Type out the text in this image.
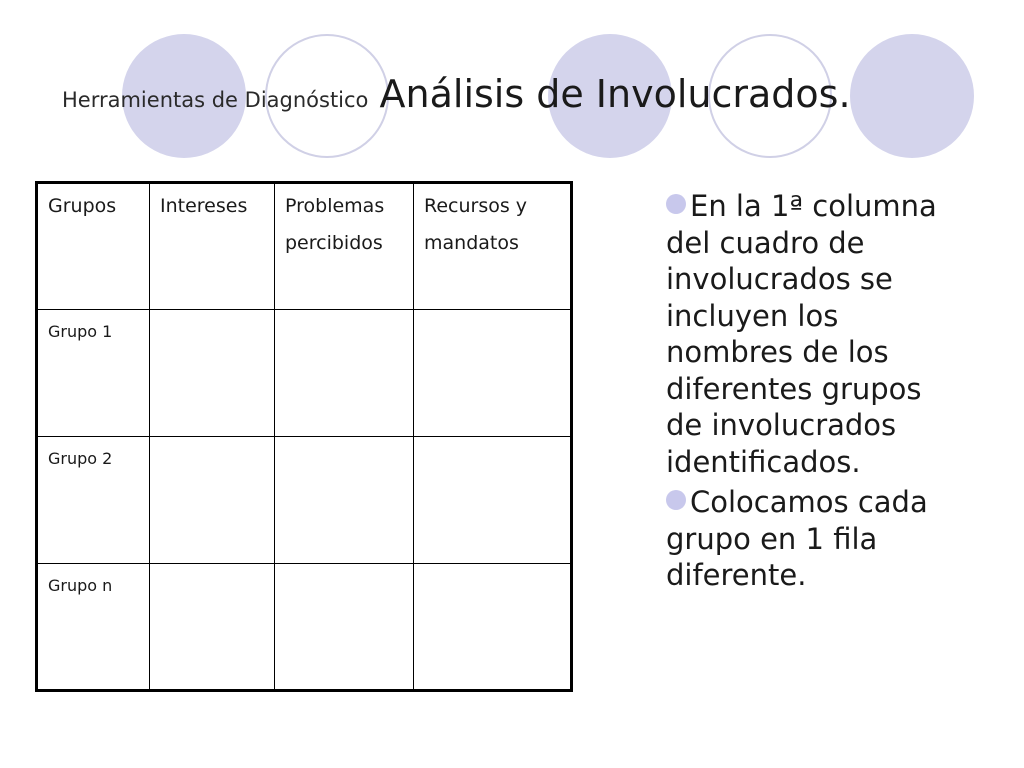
Herramientas de Diagnóstico Análisis de Involucrados.
Grupos	Intereses	Problemas percibidos	Recursos y mandatos
Grupo 1			
Grupo 2			
Grupo n			
En la 1ª columna del cuadro de involucrados se incluyen los nombres de los diferentes grupos de involucrados identificados.
Colocamos cada grupo en 1 fila diferente.
